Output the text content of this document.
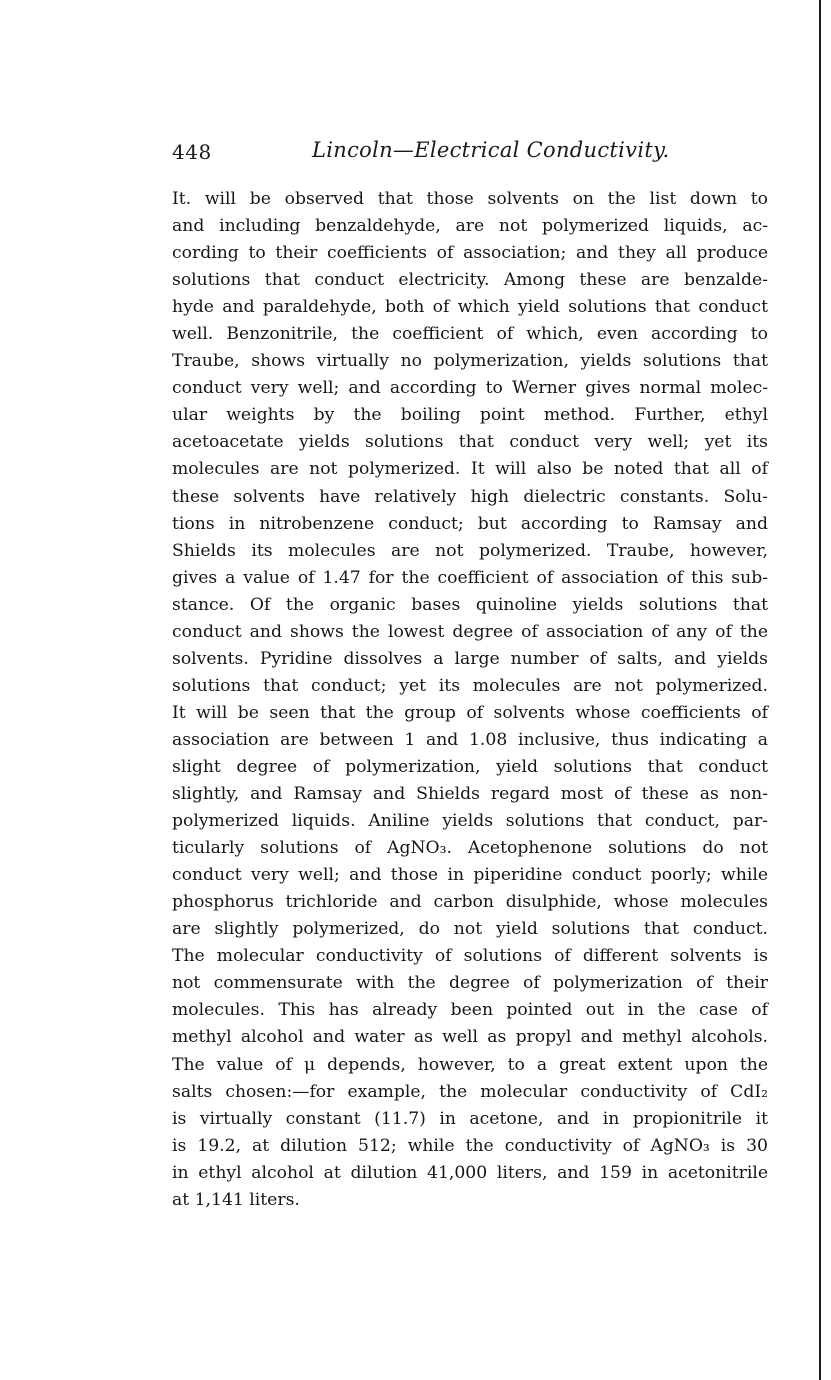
448	Lincoln—Electrical Conductivity.
It. will be observed that those solvents on the list down to
and including benzaldehyde, are not polymerized liquids, ac-
cording to their coefficients of association; and they all produce
solutions that conduct electricity. Among these are benzalde-
hyde and paraldehyde, both of which yield solutions that conduct
well. Benzonitrile, the coefficient of which, even according to
Traube, shows virtually no polymerization, yields solutions that
conduct very well; and according to Werner gives normal molec-
ular weights by the boiling point method. Further, ethyl
acetoacetate yields solutions that conduct very well; yet its
molecules are not polymerized. It will also be noted that all of
these solvents have relatively high dielectric constants. Solu-
tions in nitrobenzene conduct; but according to Ramsay and
Shields its molecules are not polymerized. Traube, however,
gives a value of 1.47 for the coefficient of association of this sub-
stance. Of the organic bases quinoline yields solutions that
conduct and shows the lowest degree of association of any of the
solvents. Pyridine dissolves a large number of salts, and yields
solutions that conduct; yet its molecules are not polymerized.
It will be seen that the group of solvents whose coefficients of
association are between 1 and 1.08 inclusive, thus indicating a
slight degree of polymerization, yield solutions that conduct
slightly, and Ramsay and Shields regard most of these as non-
polymerized liquids. Aniline yields solutions that conduct, par-
ticularly solutions of AgNO₃. Acetophenone solutions do not
conduct very well; and those in piperidine conduct poorly; while
phosphorus trichloride and carbon disulphide, whose molecules
are slightly polymerized, do not yield solutions that conduct.
The molecular conductivity of solutions of different solvents is
not commensurate with the degree of polymerization of their
molecules. This has already been pointed out in the case of
methyl alcohol and water as well as propyl and methyl alcohols.
The value of μ depends, however, to a great extent upon the
salts chosen:—for example, the molecular conductivity of CdI₂
is virtually constant (11.7) in acetone, and in propionitrile it
is 19.2, at dilution 512; while the conductivity of AgNO₃ is 30
in ethyl alcohol at dilution 41,000 liters, and 159 in acetonitrile
at 1,141 liters.
